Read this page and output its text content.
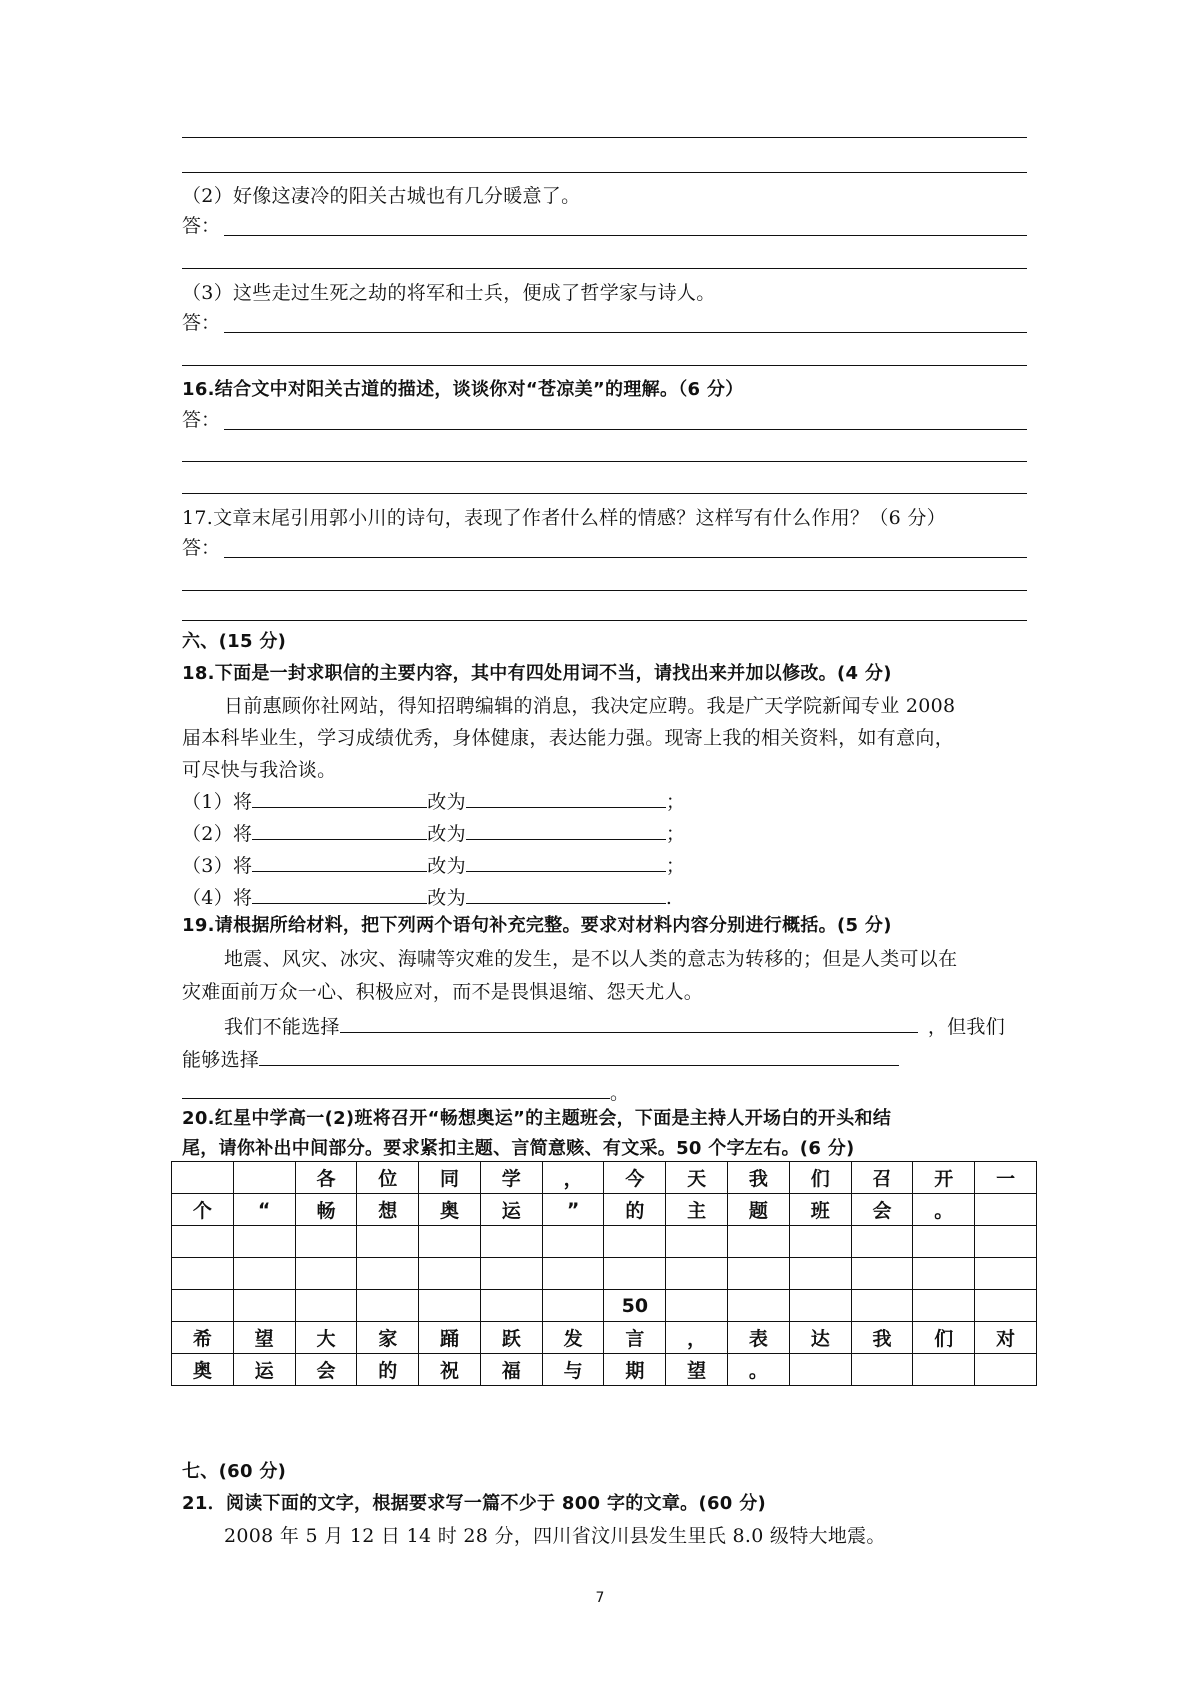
（2）好像这凄冷的阳关古城也有几分暖意了。
答：
（3）这些走过生死之劫的将军和士兵，便成了哲学家与诗人。
答：
16.结合文中对阳关古道的描述，谈谈你对“苍凉美”的理解。（6 分）
答：
17.文章末尾引用郭小川的诗句，表现了作者什么样的情感？这样写有什么作用？（6 分）
答：
六、(15 分)
18.下面是一封求职信的主要内容，其中有四处用词不当，请找出来并加以修改。(4 分)
日前惠顾你社网站，得知招聘编辑的消息，我决定应聘。我是广天学院新闻专业 2008
届本科毕业生，学习成绩优秀，身体健康，表达能力强。现寄上我的相关资料，如有意向，
可尽快与我洽谈。
（1）将	改为	；
（2）将	改为	；
（3）将	改为	；
（4）将	改为	.
19.请根据所给材料，把下列两个语句补充完整。要求对材料内容分别进行概括。(5 分)
地震、风灾、冰灾、海啸等灾难的发生，是不以人类的意志为转移的；但是人类可以在
灾难面前万众一心、积极应对，而不是畏惧退缩、怨天尤人。
我们不能选择	，但我们
能够选择
。
20.红星中学高一(2)班将召开“畅想奥运”的主题班会，下面是主持人开场白的开头和结
尾，请你补出中间部分。要求紧扣主题、言简意赅、有文采。50 个字左右。(6 分)
		各	位	同	学	，	今	天	我	们	召	开	一
个	“	畅	想	奥	运	”	的	主	题	班	会	。	

							50						
希	望	大	家	踊	跃	发	言	，	表	达	我	们	对
奥	运	会	的	祝	福	与	期	望	。				
七、(60 分)
21．阅读下面的文字，根据要求写一篇不少于 800 字的文章。(60 分)
2008 年 5 月 12 日 14 时 28 分，四川省汶川县发生里氏 8.0 级特大地震。
7
